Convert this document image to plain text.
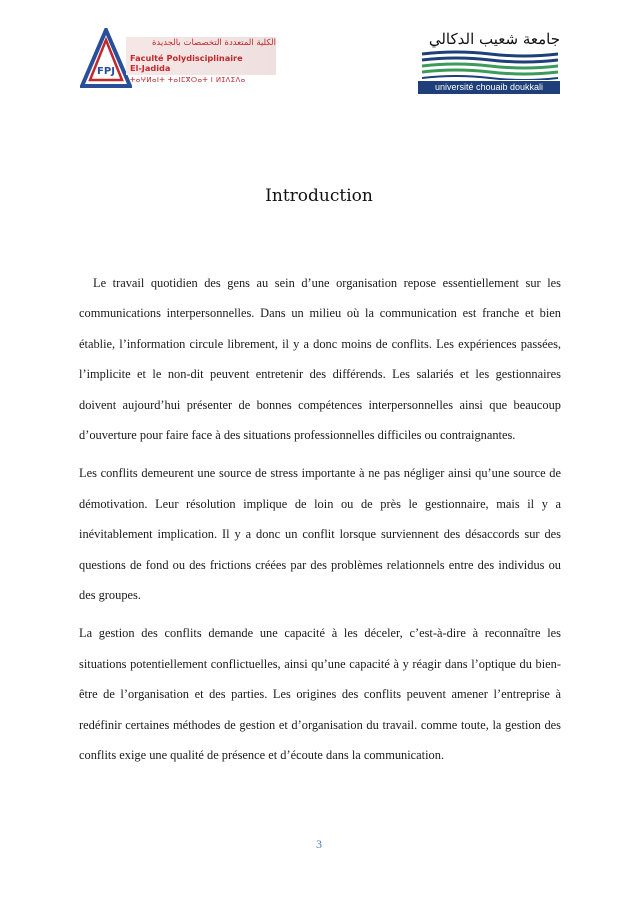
FPJ
الكلية المتعددة التخصصات بالجديدة
Faculté Polydisciplinaire
El-Jadida
ⵜⴰⵖⵍⴰⵏⵜ ⵜⴰⵏⵎⴳⵔⴰⵜ ⵏ ⵍⵊⴷⵉⴷⴰ
جامعة شعيب الدكالي
université chouaib doukkali
Introduction

Le travail quotidien des gens au sein d’une organisation repose essentiellement sur les communications interpersonnelles. Dans un milieu où la communication est franche et bien établie, l’information circule librement, il y a donc moins de conflits. Les expériences passées, l’implicite et le non-dit peuvent entretenir des différends. Les salariés et les gestionnaires doivent aujourd’hui présenter de bonnes compétences interpersonnelles ainsi que beaucoup d’ouverture pour faire face à des situations professionnelles difficiles ou contraignantes.

Les conflits demeurent une source de stress importante à ne pas négliger ainsi qu’une source de démotivation. Leur résolution implique de loin ou de près le gestionnaire, mais il y a inévitablement implication. Il y a donc un conflit lorsque surviennent des désaccords sur des questions de fond ou des frictions créées par des problèmes relationnels entre des individus ou des groupes.

La gestion des conflits demande une capacité à les déceler, c’est-à-dire à reconnaître les situations potentiellement conflictuelles, ainsi qu’une capacité à y réagir dans l’optique du bien-être de l’organisation et des parties. Les origines des conflits peuvent amener l’entreprise à redéfinir certaines méthodes de gestion et d’organisation du travail. comme toute, la gestion des conflits exige une qualité de présence et d’écoute dans la communication.

3
